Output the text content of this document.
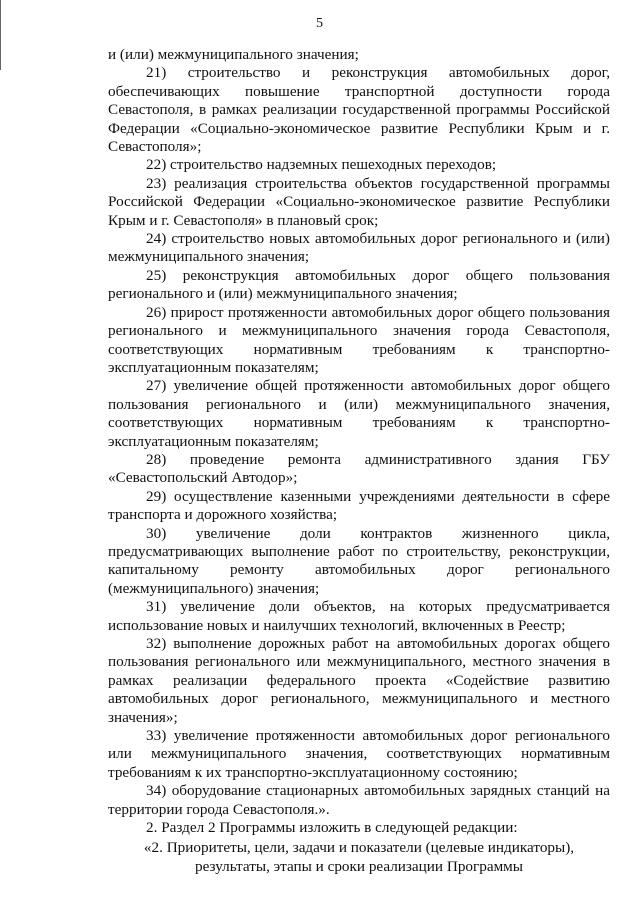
5

и (или) межмуниципального значения;

21) строительство и реконструкция автомобильных дорог, обеспечивающих повышение транспортной доступности города Севастополя, в рамках реализации государственной программы Российской Федерации «Социально-экономическое развитие Республики Крым и г. Севастополя»;

22) строительство надземных пешеходных переходов;

23) реализация строительства объектов государственной программы Российской Федерации «Социально-экономическое развитие Республики Крым и г. Севастополя» в плановый срок;

24) строительство новых автомобильных дорог регионального и (или) межмуниципального значения;

25) реконструкция автомобильных дорог общего пользования регионального и (или) межмуниципального значения;

26) прирост протяженности автомобильных дорог общего пользования регионального и межмуниципального значения города Севастополя, соответствующих нормативным требованиям к транспортно-эксплуатационным показателям;

27) увеличение общей протяженности автомобильных дорог общего пользования регионального и (или) межмуниципального значения, соответствующих нормативным требованиям к транспортно-эксплуатационным показателям;

28) проведение ремонта административного здания ГБУ «Севастопольский Автодор»;

29) осуществление казенными учреждениями деятельности в сфере транспорта и дорожного хозяйства;

30) увеличение доли контрактов жизненного цикла, предусматривающих выполнение работ по строительству, реконструкции, капитальному ремонту автомобильных дорог регионального (межмуниципального) значения;

31) увеличение доли объектов, на которых предусматривается использование новых и наилучших технологий, включенных в Реестр;

32) выполнение дорожных работ на автомобильных дорогах общего пользования регионального или межмуниципального, местного значения в рамках реализации федерального проекта «Содействие развитию автомобильных дорог регионального, межмуниципального и местного значения»;

33) увеличение протяженности автомобильных дорог регионального или межмуниципального значения, соответствующих нормативным требованиям к их транспортно-эксплуатационному состоянию;

34) оборудование стационарных автомобильных зарядных станций на территории города Севастополя.».

2. Раздел 2 Программы изложить в следующей редакции:

«2. Приоритеты, цели, задачи и показатели (целевые индикаторы),

результаты, этапы и сроки реализации Программы
